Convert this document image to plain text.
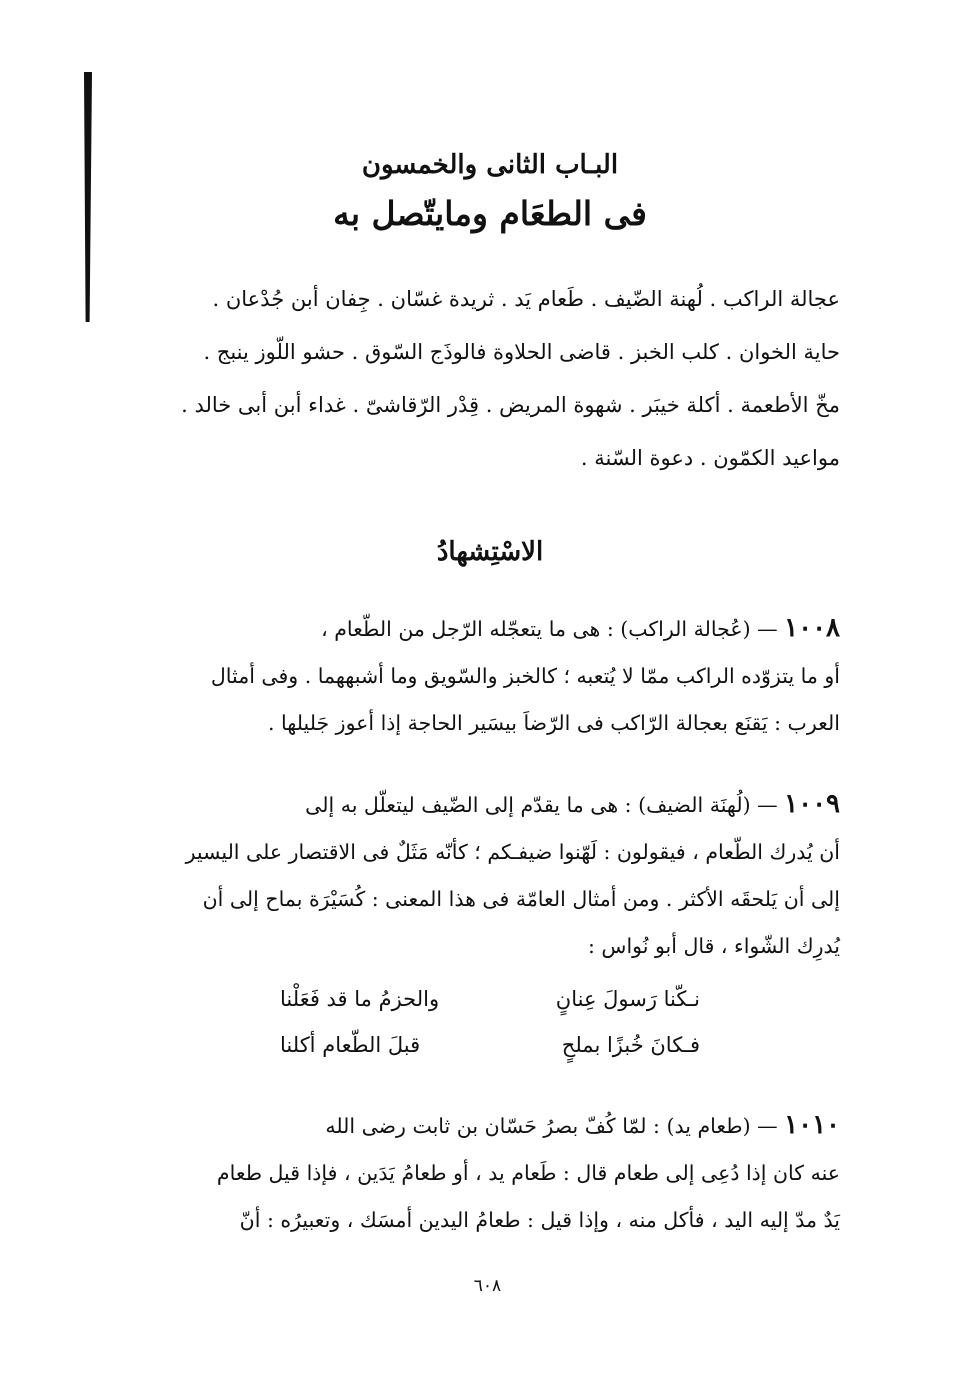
البـاب الثانى والخمسون
فى الطعَام ومايتّصل به

عجالة الراكب . لُهنة الضّيف . طَعام يَد . ثريدة غسّان . جِفان أبن جُدْعان .

حاية الخوان . كلب الخبز . قاضى الحلاوة فالوذَج السّوق . حشو اللّوز ينبج .

مخّ الأطعمة . أكلة خيبَر . شهوة المريض . قِدْر الرّقاشىّ . غداء أبن أبى خالد .

مواعيد الكمّون . دعوة السّنة .

الاسْتِشهادُ

١٠٠٨ — (عُجالة الراكب) : هى ما يتعجّله الرّجل من الطّعام ،

أو ما يتزوّده الراكب ممّا لا يُتعبه ؛ كالخبز والسّويق وما أشبههما . وفى أمثال

العرب : يَقنَع بعجالة الرّاكب فى الرّضاَ بيسَير الحاجة إذا أعوز جَليلها .

١٠٠٩ — (لُهنَة الضيف) : هى ما يقدّم إلى الضّيف ليتعلّل به إلى

أن يُدرك الطّعام ، فيقولون : لَهّنوا ضيفـكم ؛ كأنّه مَثَلٌ فى الاقتصار على اليسير

إلى أن يَلحقَه الأكثر . ومن أمثال العامّة فى هذا المعنى : كُسَيْرَة بماح إلى أن

يُدرِك الشّواء ، قال أبو نُواس :

نـكّنا رَسولَ عِنانٍ
والحزمُ ما قد فَعَلْنا
فـكانَ خُبزًا بملحٍ
قبلَ الطّعام أكلنا

١٠١٠ — (طعام يد) : لمّا كُفّ بصرُ حَسّان بن ثابت رضى الله

عنه كان إذا دُعِى إلى طعام قال : طَعام يد ، أو طعامُ يَدَين ، فإذا قيل طعام

يَدٌ مدّ إليه اليد ، فأكل منه ، وإذا قيل : طعامُ اليدين أمسَك ، وتعبيرُه : أنّ

٦٠٨
